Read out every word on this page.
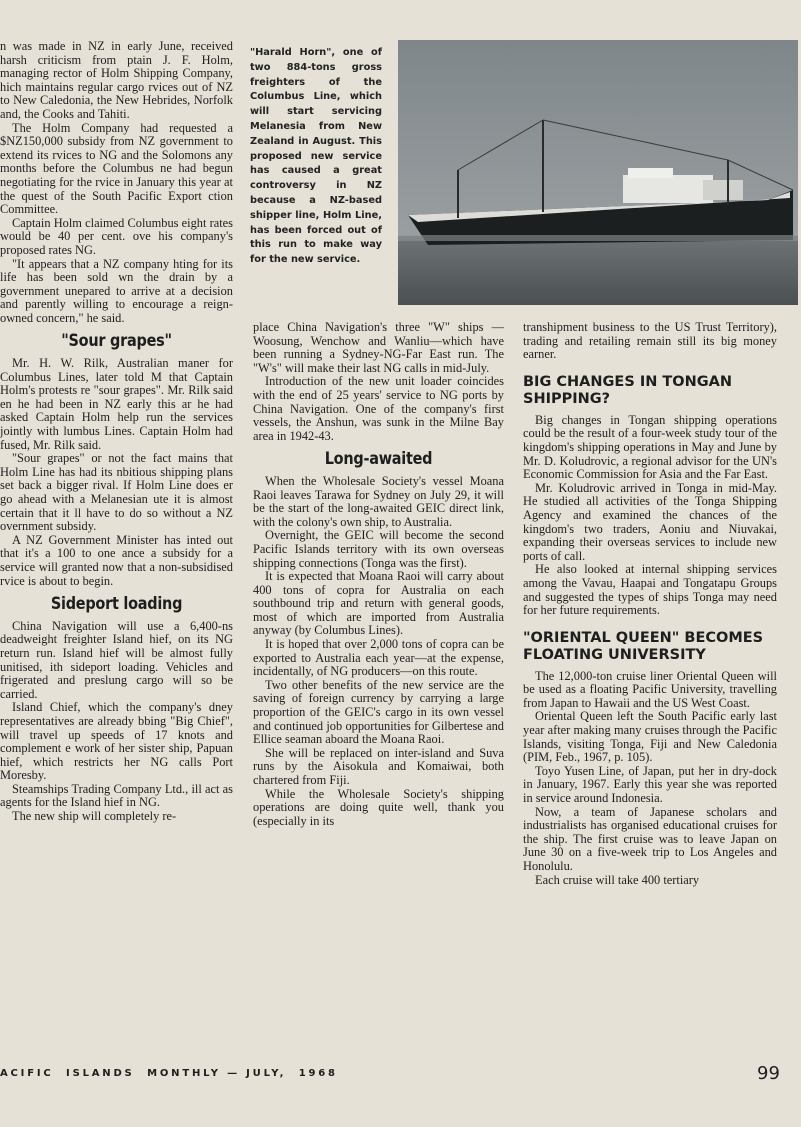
n was made in NZ in early June, received harsh criticism from ptain J. F. Holm, managing rector of Holm Shipping Company, hich maintains regular cargo rvices out of NZ to New Caledonia, the New Hebrides, Norfolk and, the Cooks and Tahiti.

The Holm Company had requested a $NZ150,000 subsidy from NZ government to extend its rvices to NG and the Solomons any months before the Columbus ne had begun negotiating for the rvice in January this year at the quest of the South Pacific Export ction Committee.

Captain Holm claimed Columbus eight rates would be 40 per cent. ove his company's proposed rates NG.

"It appears that a NZ company hting for its life has been sold wn the drain by a government unepared to arrive at a decision and parently willing to encourage a reign-owned concern," he said.

"Sour grapes"

Mr. H. W. Rilk, Australian maner for Columbus Lines, later told M that Captain Holm's protests re "sour grapes". Mr. Rilk said en he had been in NZ early this ar he had asked Captain Holm help run the services jointly with lumbus Lines. Captain Holm had fused, Mr. Rilk said.

"Sour grapes" or not the fact mains that Holm Line has had its nbitious shipping plans set back a bigger rival. If Holm Line does er go ahead with a Melanesian ute it is almost certain that it ll have to do so without a NZ overnment subsidy.

A NZ Government Minister has inted out that it's a 100 to one ance a subsidy for a service will granted now that a non-subsidised rvice is about to begin.

Sideport loading

China Navigation will use a 6,400-ns deadweight freighter Island hief, on its NG return run. Island hief will be almost fully unitised, ith sideport loading. Vehicles and frigerated and preslung cargo will so be carried.

Island Chief, which the company's dney representatives are already bbing "Big Chief", will travel up speeds of 17 knots and complement e work of her sister ship, Papuan hief, which restricts her NG calls Port Moresby.

Steamships Trading Company Ltd., ill act as agents for the Island hief in NG.

The new ship will completely re-

"Harald Horn", one of two 884-tons gross freighters of the Columbus Line, which will start servicing Melanesia from New Zealand in August. This proposed new service has caused a great controversy in NZ because a NZ-based shipper line, Holm Line, has been forced out of this run to make way for the new service.

place China Navigation's three "W" ships — Woosung, Wenchow and Wanliu—which have been running a Sydney-NG-Far East run. The "W's" will make their last NG calls in mid-July.

Introduction of the new unit loader coincides with the end of 25 years' service to NG ports by China Navigation. One of the company's first vessels, the Anshun, was sunk in the Milne Bay area in 1942-43.

Long-awaited

When the Wholesale Society's vessel Moana Raoi leaves Tarawa for Sydney on July 29, it will be the start of the long-awaited GEIC direct link, with the colony's own ship, to Australia.

Overnight, the GEIC will become the second Pacific Islands territory with its own overseas shipping connections (Tonga was the first).

It is expected that Moana Raoi will carry about 400 tons of copra for Australia on each southbound trip and return with general goods, most of which are imported from Australia anyway (by Columbus Lines).

It is hoped that over 2,000 tons of copra can be exported to Australia each year—at the expense, incidentally, of NG producers—on this route.

Two other benefits of the new service are the saving of foreign currency by carrying a large proportion of the GEIC's cargo in its own vessel and continued job opportunities for Gilbertese and Ellice seaman aboard the Moana Raoi.

She will be replaced on inter-island and Suva runs by the Aisokula and Komaiwai, both chartered from Fiji.

While the Wholesale Society's shipping operations are doing quite well, thank you (especially in its

transhipment business to the US Trust Territory), trading and retailing remain still its big money earner.

BIG CHANGES IN TONGAN SHIPPING?

Big changes in Tongan shipping operations could be the result of a four-week study tour of the kingdom's shipping operations in May and June by Mr. D. Koludrovic, a regional advisor for the UN's Economic Commission for Asia and the Far East.

Mr. Koludrovic arrived in Tonga in mid-May. He studied all activities of the Tonga Shipping Agency and examined the chances of the kingdom's two traders, Aoniu and Niuvakai, expanding their overseas services to include new ports of call.

He also looked at internal shipping services among the Vavau, Haapai and Tongatapu Groups and suggested the types of ships Tonga may need for her future requirements.

"ORIENTAL QUEEN" BECOMES FLOATING UNIVERSITY

The 12,000-ton cruise liner Oriental Queen will be used as a floating Pacific University, travelling from Japan to Hawaii and the US West Coast.

Oriental Queen left the South Pacific early last year after making many cruises through the Pacific Islands, visiting Tonga, Fiji and New Caledonia (PIM, Feb., 1967, p. 105).

Toyo Yusen Line, of Japan, put her in dry-dock in January, 1967. Early this year she was reported in service around Indonesia.

Now, a team of Japanese scholars and industrialists has organised educational cruises for the ship. The first cruise was to leave Japan on June 30 on a five-week trip to Los Angeles and Honolulu.

Each cruise will take 400 tertiary

ACIFIC  ISLANDS  MONTHLY — JULY,  1968	99
